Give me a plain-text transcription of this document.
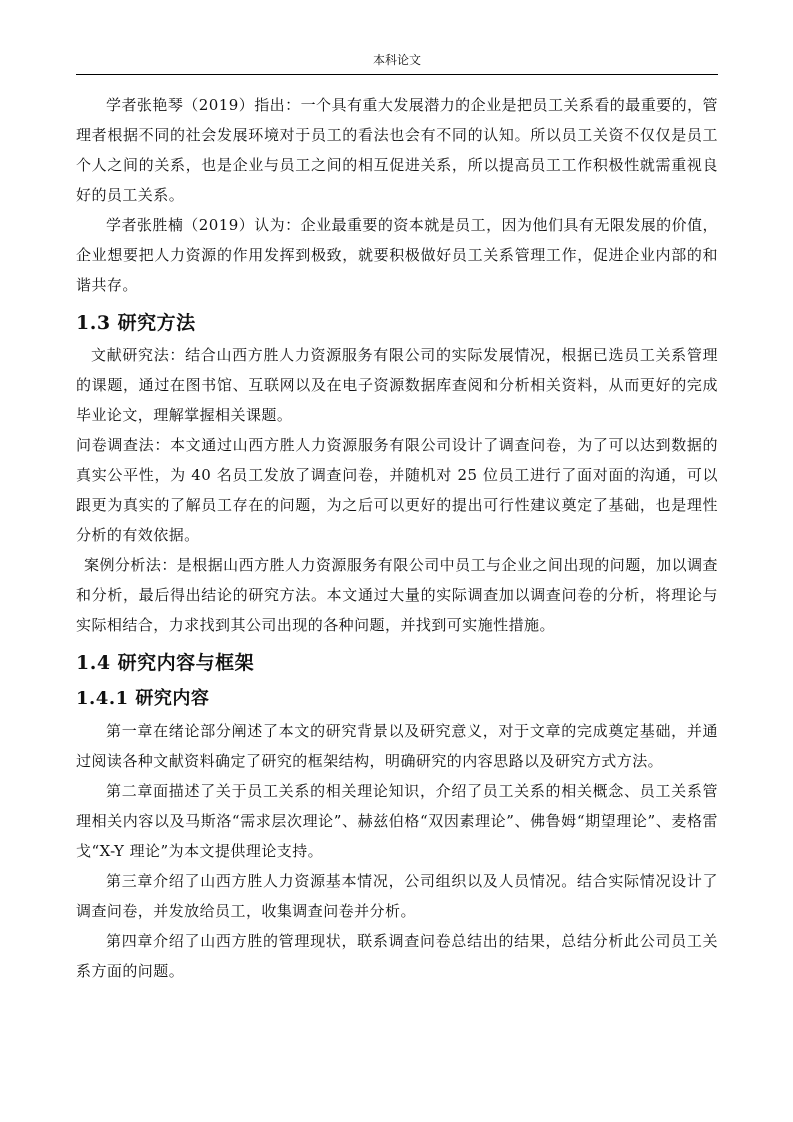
本科论文

学者张艳琴（2019）指出：一个具有重大发展潜力的企业是把员工关系看的最重要的，管理者根据不同的社会发展环境对于员工的看法也会有不同的认知。所以员工关资不仅仅是员工个人之间的关系，也是企业与员工之间的相互促进关系，所以提高员工工作积极性就需重视良好的员工关系。

学者张胜楠（2019）认为：企业最重要的资本就是员工，因为他们具有无限发展的价值，企业想要把人力资源的作用发挥到极致，就要积极做好员工关系管理工作，促进企业内部的和谐共存。

1.3 研究方法

文献研究法：结合山西方胜人力资源服务有限公司的实际发展情况，根据已选员工关系管理的课题，通过在图书馆、互联网以及在电子资源数据库查阅和分析相关资料，从而更好的完成毕业论文，理解掌握相关课题。

问卷调查法：本文通过山西方胜人力资源服务有限公司设计了调查问卷，为了可以达到数据的真实公平性，为 40 名员工发放了调查问卷，并随机对 25 位员工进行了面对面的沟通，可以跟更为真实的了解员工存在的问题，为之后可以更好的提出可行性建议奠定了基础，也是理性分析的有效依据。

案例分析法：是根据山西方胜人力资源服务有限公司中员工与企业之间出现的问题，加以调查和分析，最后得出结论的研究方法。本文通过大量的实际调查加以调查问卷的分析，将理论与实际相结合，力求找到其公司出现的各种问题，并找到可实施性措施。

1.4 研究内容与框架
1.4.1 研究内容

第一章在绪论部分阐述了本文的研究背景以及研究意义，对于文章的完成奠定基础，并通过阅读各种文献资料确定了研究的框架结构，明确研究的内容思路以及研究方式方法。

第二章面描述了关于员工关系的相关理论知识，介绍了员工关系的相关概念、员工关系管理相关内容以及马斯洛“需求层次理论”、赫兹伯格“双因素理论”、佛鲁姆“期望理论”、麦格雷戈“X-Y 理论”为本文提供理论支持。

第三章介绍了山西方胜人力资源基本情况，公司组织以及人员情况。结合实际情况设计了调查问卷，并发放给员工，收集调查问卷并分析。

第四章介绍了山西方胜的管理现状，联系调查问卷总结出的结果，总结分析此公司员工关系方面的问题。
